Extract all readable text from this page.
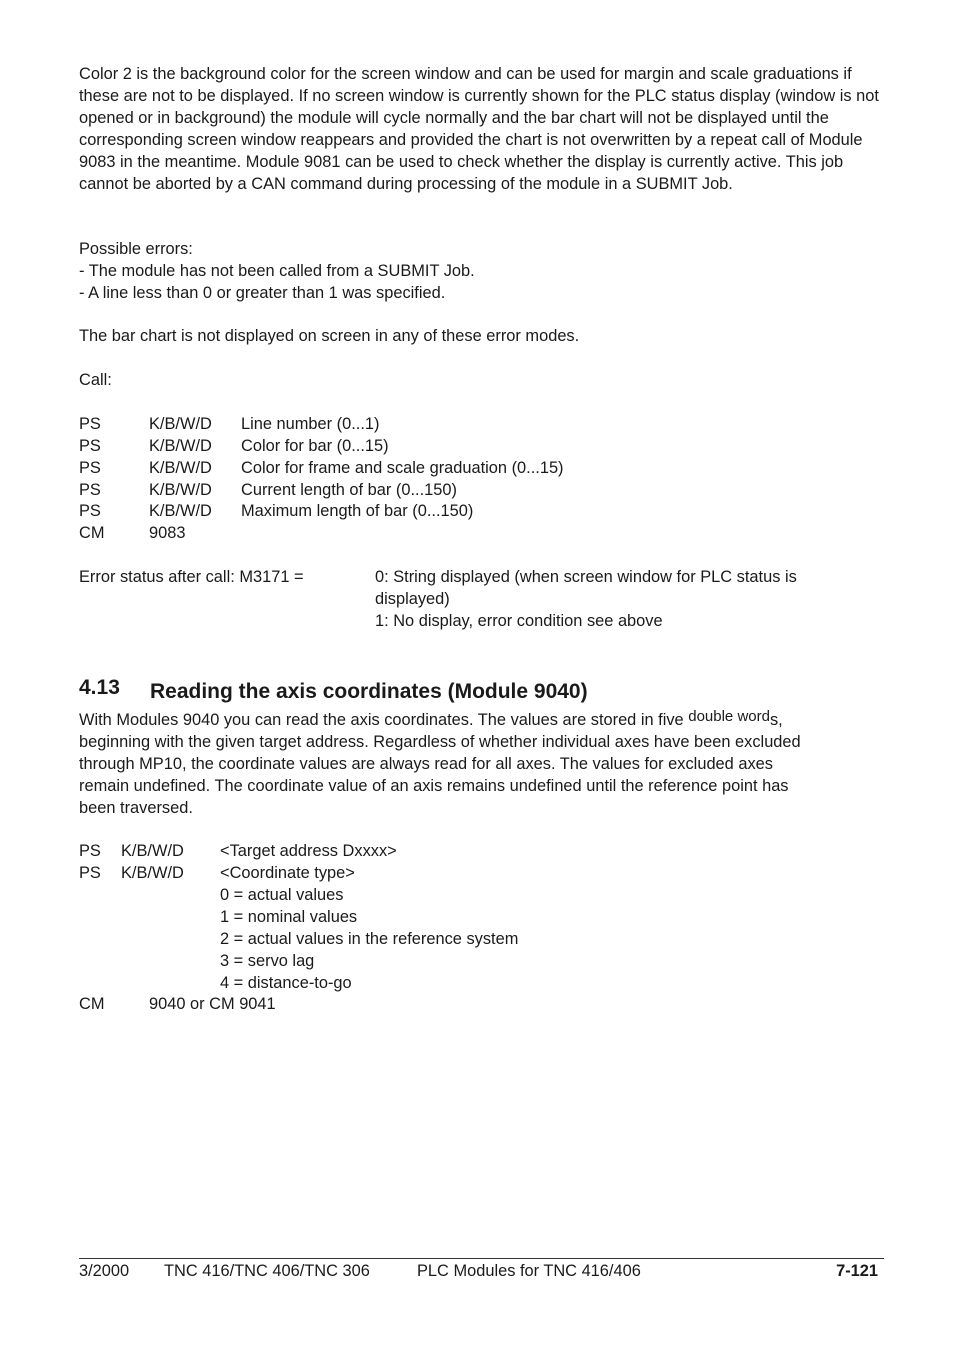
Color 2 is the background color for the screen window and can be used for margin and scale graduations if these are not to be displayed. If no screen window is currently shown for the PLC status display (window is not opened or in background) the module will cycle normally and the bar chart will not be displayed until the corresponding screen window reappears and provided the chart is not overwritten by a repeat call of Module 9083 in the meantime. Module 9081 can be used to check whether the display is currently active. This job cannot be aborted by a CAN command during processing of the module in a SUBMIT Job.

Possible errors:
- The module has not been called from a SUBMIT Job.
- A line less than 0 or greater than 1 was specified.
The bar chart is not displayed on screen in any of these error modes.
Call:
PS	K/B/W/D Line number (0...1)
PS	K/B/W/D Color for bar (0...15)
PS	K/B/W/D Color for frame and scale graduation (0...15)
PS	K/B/W/D Current length of bar (0...150)
PS	K/B/W/D Maximum length of bar (0...150)
CM	9083
Error status after call: M3171 =	0: String displayed (when screen window for PLC status is
displayed)
1: No display, error condition see above
4.13 Reading the axis coordinates (Module 9040)
With Modules 9040 you can read the axis coordinates. The values are stored in five double words,
beginning with the given target address. Regardless of whether individual axes have been excluded
through MP10, the coordinate values are always read for all axes. The values for excluded axes
remain undefined. The coordinate value of an axis remains undefined until the reference point has
been traversed.
PS K/B/W/D <Target address Dxxxx>
PS K/B/W/D <Coordinate type>
0 = actual values
1 = nominal values
2 = actual values in the reference system
3 = servo lag
4 = distance-to-go
CM	9040 or CM 9041
3/2000 TNC 416/TNC 406/TNC 306	PLC Modules for TNC 416/406	7-121
